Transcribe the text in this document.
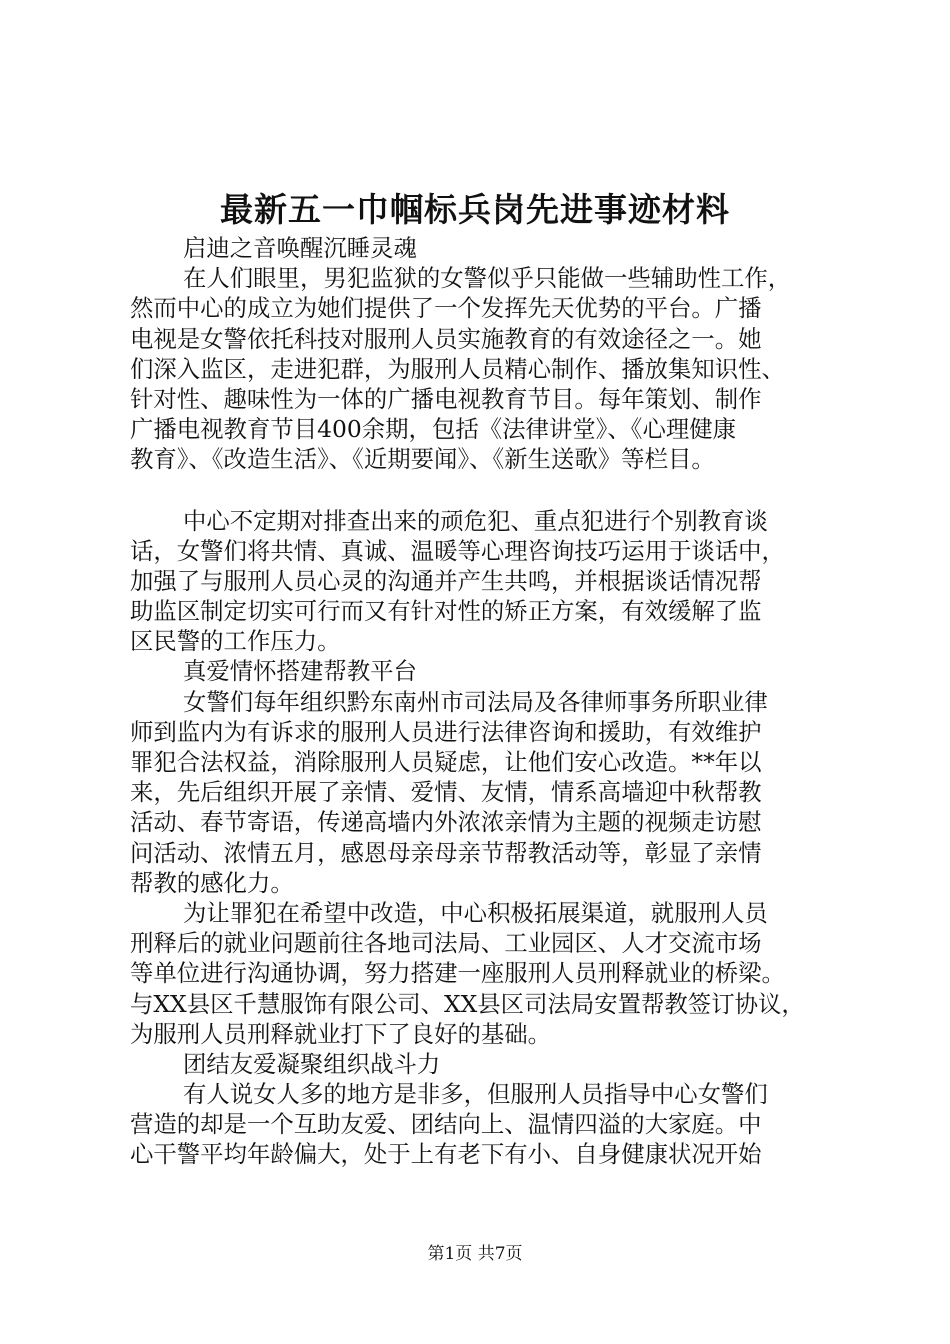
最新五一巾帼标兵岗先进事迹材料
启迪之音唤醒沉睡灵魂
在人们眼里，男犯监狱的女警似乎只能做一些辅助性工作，
然而中心的成立为她们提供了一个发挥先天优势的平台。广播
电视是女警依托科技对服刑人员实施教育的有效途径之一。她
们深入监区，走进犯群，为服刑人员精心制作、播放集知识性、
针对性、趣味性为一体的广播电视教育节目。每年策划、制作
广播电视教育节目400余期，包括《法律讲堂》、《心理健康
教育》、《改造生活》、《近期要闻》、《新生送歌》等栏目。
中心不定期对排查出来的顽危犯、重点犯进行个别教育谈
话，女警们将共情、真诚、温暖等心理咨询技巧运用于谈话中，
加强了与服刑人员心灵的沟通并产生共鸣，并根据谈话情况帮
助监区制定切实可行而又有针对性的矫正方案，有效缓解了监
区民警的工作压力。
真爱情怀搭建帮教平台
女警们每年组织黔东南州市司法局及各律师事务所职业律
师到监内为有诉求的服刑人员进行法律咨询和援助，有效维护
罪犯合法权益，消除服刑人员疑虑，让他们安心改造。**年以
来，先后组织开展了亲情、爱情、友情，情系高墙迎中秋帮教
活动、春节寄语，传递高墙内外浓浓亲情为主题的视频走访慰
问活动、浓情五月，感恩母亲母亲节帮教活动等，彰显了亲情
帮教的感化力。
为让罪犯在希望中改造，中心积极拓展渠道，就服刑人员
刑释后的就业问题前往各地司法局、工业园区、人才交流市场
等单位进行沟通协调，努力搭建一座服刑人员刑释就业的桥梁。
与XX县区千慧服饰有限公司、XX县区司法局安置帮教签订协议，
为服刑人员刑释就业打下了良好的基础。
团结友爱凝聚组织战斗力
有人说女人多的地方是非多，但服刑人员指导中心女警们
营造的却是一个互助友爱、团结向上、温情四溢的大家庭。中
心干警平均年龄偏大，处于上有老下有小、自身健康状况开始
第1页 共7页
